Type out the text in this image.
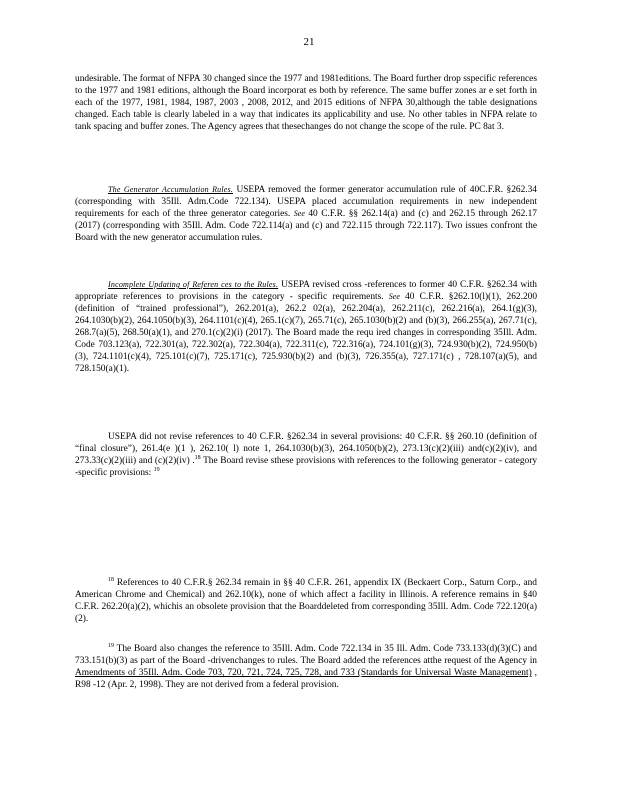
21

undesirable. The format of NFPA 30 changed since the 1977 and 1981editions. The Board further drop sspecific references to the 1977 and 1981 editions, although the Board incorporat es both by reference. The same buffer zones ar e set forth in each of the 1977, 1981, 1984, 1987, 2003 , 2008, 2012, and 2015 editions of NFPA 30,although the table designations changed. Each table is clearly labeled in a way that indicates its applicability and use. No other tables in NFPA relate to tank spacing and buffer zones. The Agency agrees that thesechanges do not change the scope of the rule. PC 8at 3.

The Generator Accumulation Rules. USEPA removed the former generator accumulation rule of 40C.F.R. §262.34 (corresponding with 35Ill. Adm.Code 722.134). USEPA placed accumulation requirements in new independent requirements for each of the three generator categories. See 40 C.F.R. §§ 262.14(a) and (c) and 262.15 through 262.17 (2017) (corresponding with 35Ill. Adm. Code 722.114(a) and (c) and 722.115 through 722.117). Two issues confront the Board with the new generator accumulation rules.

Incomplete Updating of Referen ces to the Rules. USEPA revised cross -references to former 40 C.F.R. §262.34 with appropriate references to provisions in the category - specific requirements. See 40 C.F.R. §262.10(l)(1), 262.200 (definition of “trained professional”), 262.201(a), 262.2 02(a), 262.204(a), 262.211(c), 262.216(a), 264.1(g)(3), 264.1030(b)(2), 264.1050(b)(3), 264.1101(c)(4), 265.1(c)(7), 265.71(c), 265.1030(b)(2) and (b)(3), 266.255(a), 267.71(c), 268.7(a)(5), 268.50(a)(1), and 270.1(c)(2)(i) (2017). The Board made the requ ired changes in corresponding 35Ill. Adm. Code 703.123(a), 722.301(a), 722.302(a), 722.304(a), 722.311(c), 722.316(a), 724.101(g)(3), 724.930(b)(2), 724.950(b)(3), 724.1101(c)(4), 725.101(c)(7), 725.171(c), 725.930(b)(2) and (b)(3), 726.355(a), 727.171(c) , 728.107(a)(5), and 728.150(a)(1).

USEPA did not revise references to 40 C.F.R. §262.34 in several provisions: 40 C.F.R. §§ 260.10 (definition of “final closure”), 261.4(e )(1 ), 262.10( l) note 1, 264.1030(b)(3), 264.1050(b)(2), 273.13(c)(2)(iii) and(c)(2)(iv), and 273.33(c)(2)(iii) and (c)(2)(iv) .$^{18}$ The Board revise sthese provisions with references to the following generator - category -specific provisions: $^{19}$

$^{18}$ References to 40 C.F.R.§ 262.34 remain in §§ 40 C.F.R. 261, appendix IX (Beckaert Corp., Saturn Corp., and American Chrome and Chemical) and 262.10(k), none of which affect a facility in Illinois. A reference remains in §40 C.F.R. 262.20(a)(2), whichis an obsolete provision that the Boarddeleted from corresponding 35Ill. Adm. Code 722.120(a)(2).

$^{19}$ The Board also changes the reference to 35Ill. Adm. Code 722.134 in 35 Ill. Adm. Code 733.133(d)(3)(C) and 733.151(b)(3) as part of the Board -drivenchanges to rules. The Board added the references atthe request of the Agency in Amendments of 35Ill. Adm. Code 703, 720, 721, 724, 725, 728, and 733 (Standards for Universal Waste Management) , R98 -12 (Apr. 2, 1998). They are not derived from a federal provision.
